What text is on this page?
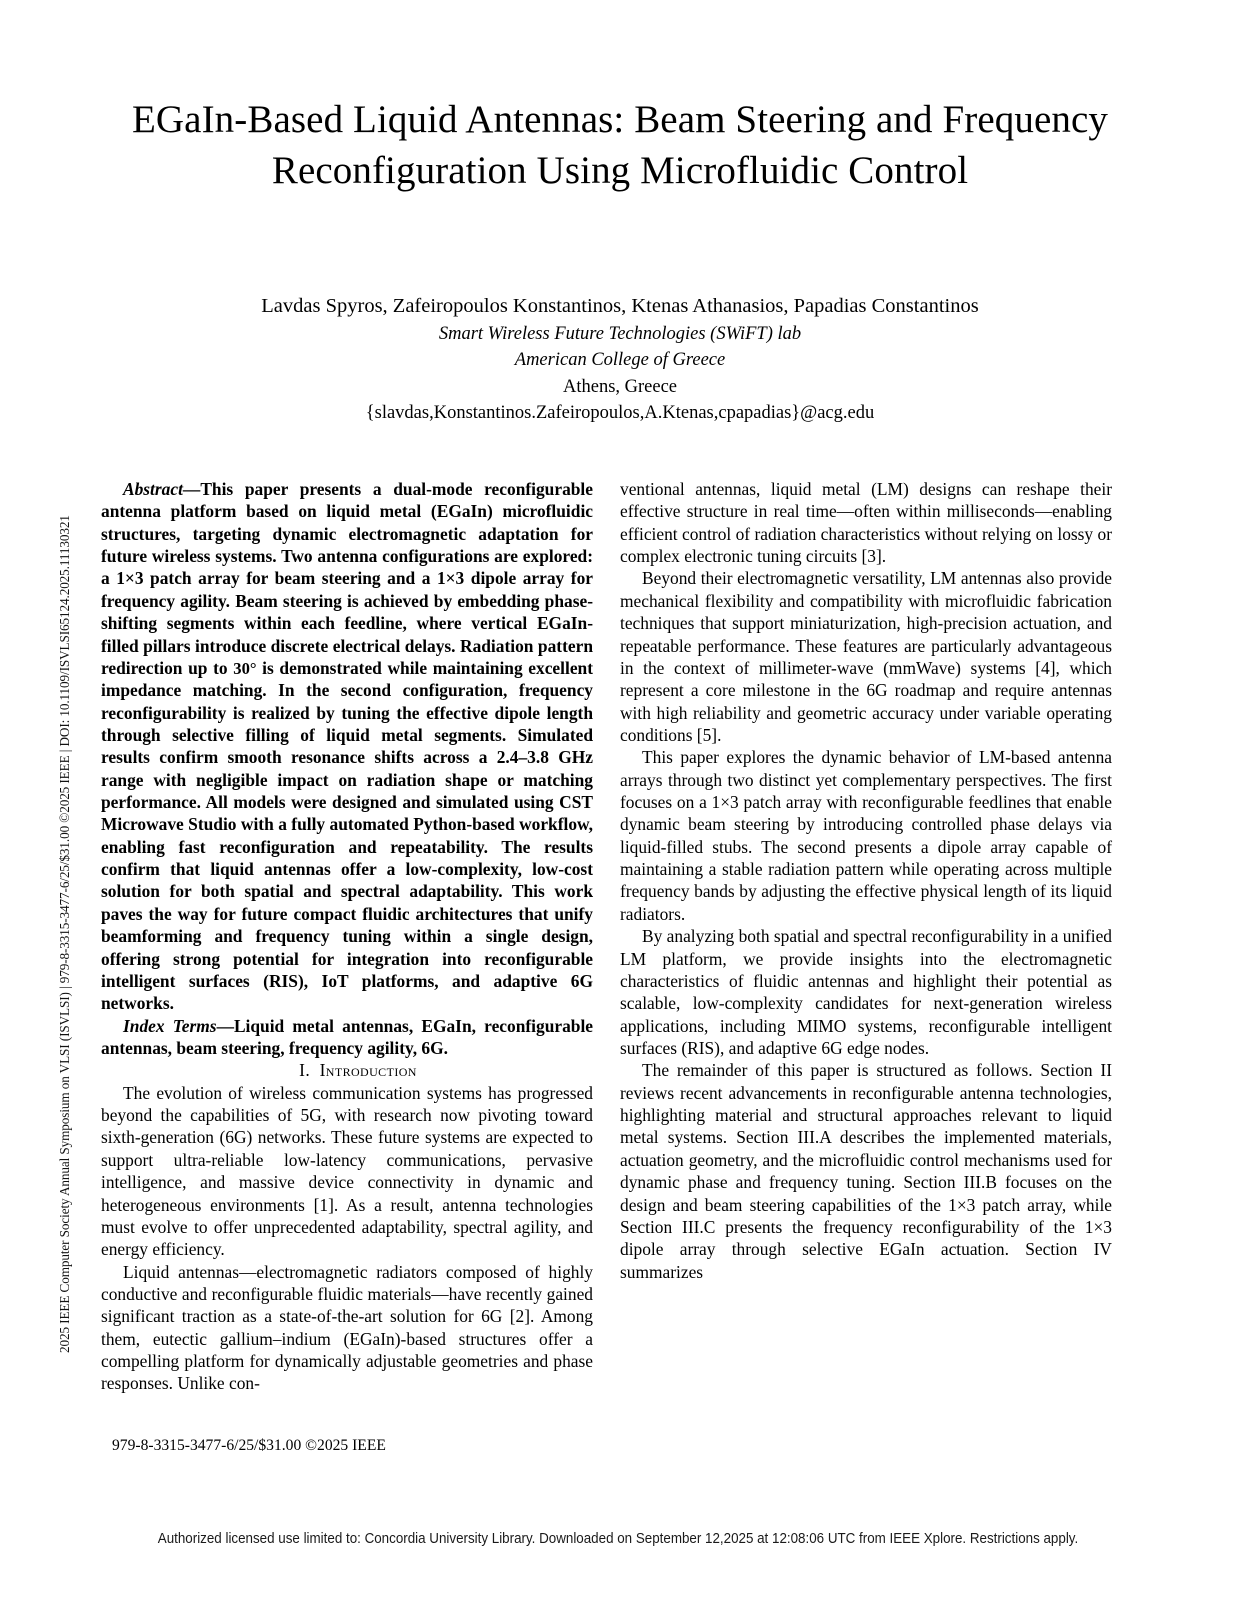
2025 IEEE Computer Society Annual Symposium on VLSI (ISVLSI) | 979-8-3315-3477-6/25/$31.00 ©2025 IEEE | DOI: 10.1109/ISVLSI65124.2025.11130321
EGaIn-Based Liquid Antennas: Beam Steering and Frequency Reconfiguration Using Microfluidic Control
Lavdas Spyros, Zafeiropoulos Konstantinos, Ktenas Athanasios, Papadias Constantinos
Smart Wireless Future Technologies (SWiFT) lab
American College of Greece
Athens, Greece
{slavdas,Konstantinos.Zafeiropoulos,A.Ktenas,cpapadias}@acg.edu

Abstract—This paper presents a dual-mode reconfigurable antenna platform based on liquid metal (EGaIn) microfluidic structures, targeting dynamic electromagnetic adaptation for future wireless systems. Two antenna configurations are explored: a 1×3 patch array for beam steering and a 1×3 dipole array for frequency agility. Beam steering is achieved by embedding phase-shifting segments within each feedline, where vertical EGaIn-filled pillars introduce discrete electrical delays. Radiation pattern redirection up to 30° is demonstrated while maintaining excellent impedance matching. In the second configuration, frequency reconfigurability is realized by tuning the effective dipole length through selective filling of liquid metal segments. Simulated results confirm smooth resonance shifts across a 2.4–3.8 GHz range with negligible impact on radiation shape or matching performance. All models were designed and simulated using CST Microwave Studio with a fully automated Python-based workflow, enabling fast reconfiguration and repeatability. The results confirm that liquid antennas offer a low-complexity, low-cost solution for both spatial and spectral adaptability. This work paves the way for future compact fluidic architectures that unify beamforming and frequency tuning within a single design, offering strong potential for integration into reconfigurable intelligent surfaces (RIS), IoT platforms, and adaptive 6G networks.

Index Terms—Liquid metal antennas, EGaIn, reconfigurable antennas, beam steering, frequency agility, 6G.

I. Introduction

The evolution of wireless communication systems has progressed beyond the capabilities of 5G, with research now pivoting toward sixth-generation (6G) networks. These future systems are expected to support ultra-reliable low-latency communications, pervasive intelligence, and massive device connectivity in dynamic and heterogeneous environments [1]. As a result, antenna technologies must evolve to offer unprecedented adaptability, spectral agility, and energy efficiency.

Liquid antennas—electromagnetic radiators composed of highly conductive and reconfigurable fluidic materials—have recently gained significant traction as a state-of-the-art solution for 6G [2]. Among them, eutectic gallium–indium (EGaIn)-based structures offer a compelling platform for dynamically adjustable geometries and phase responses. Unlike con-

ventional antennas, liquid metal (LM) designs can reshape their effective structure in real time—often within milliseconds—enabling efficient control of radiation characteristics without relying on lossy or complex electronic tuning circuits [3].

Beyond their electromagnetic versatility, LM antennas also provide mechanical flexibility and compatibility with microfluidic fabrication techniques that support miniaturization, high-precision actuation, and repeatable performance. These features are particularly advantageous in the context of millimeter-wave (mmWave) systems [4], which represent a core milestone in the 6G roadmap and require antennas with high reliability and geometric accuracy under variable operating conditions [5].

This paper explores the dynamic behavior of LM-based antenna arrays through two distinct yet complementary perspectives. The first focuses on a 1×3 patch array with reconfigurable feedlines that enable dynamic beam steering by introducing controlled phase delays via liquid-filled stubs. The second presents a dipole array capable of maintaining a stable radiation pattern while operating across multiple frequency bands by adjusting the effective physical length of its liquid radiators.

By analyzing both spatial and spectral reconfigurability in a unified LM platform, we provide insights into the electromagnetic characteristics of fluidic antennas and highlight their potential as scalable, low-complexity candidates for next-generation wireless applications, including MIMO systems, reconfigurable intelligent surfaces (RIS), and adaptive 6G edge nodes.

The remainder of this paper is structured as follows. Section II reviews recent advancements in reconfigurable antenna technologies, highlighting material and structural approaches relevant to liquid metal systems. Section III.A describes the implemented materials, actuation geometry, and the microfluidic control mechanisms used for dynamic phase and frequency tuning. Section III.B focuses on the design and beam steering capabilities of the 1×3 patch array, while Section III.C presents the frequency reconfigurability of the 1×3 dipole array through selective EGaIn actuation. Section IV summarizes

979-8-3315-3477-6/25/$31.00 ©2025 IEEE
Authorized licensed use limited to: Concordia University Library. Downloaded on September 12,2025 at 12:08:06 UTC from IEEE Xplore. Restrictions apply.
